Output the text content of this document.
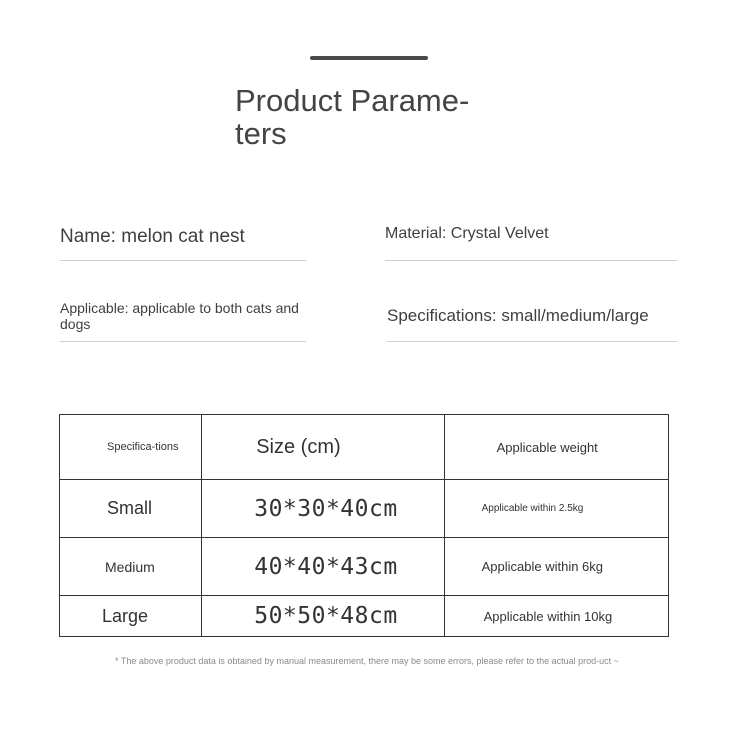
Product Parame-ters
Name: melon cat nest	Material: Crystal Velvet
Applicable: applicable to both cats and dogs	Specifications: small/medium/large
Specifica-tions	Size (cm)	Applicable weight
Small	30*30*40cm	Applicable within 2.5kg
Medium	40*40*43cm	Applicable within 6kg
Large	50*50*48cm	Applicable within 10kg
* The above product data is obtained by manual measurement, there may be some errors, please refer to the actual prod-uct ~
